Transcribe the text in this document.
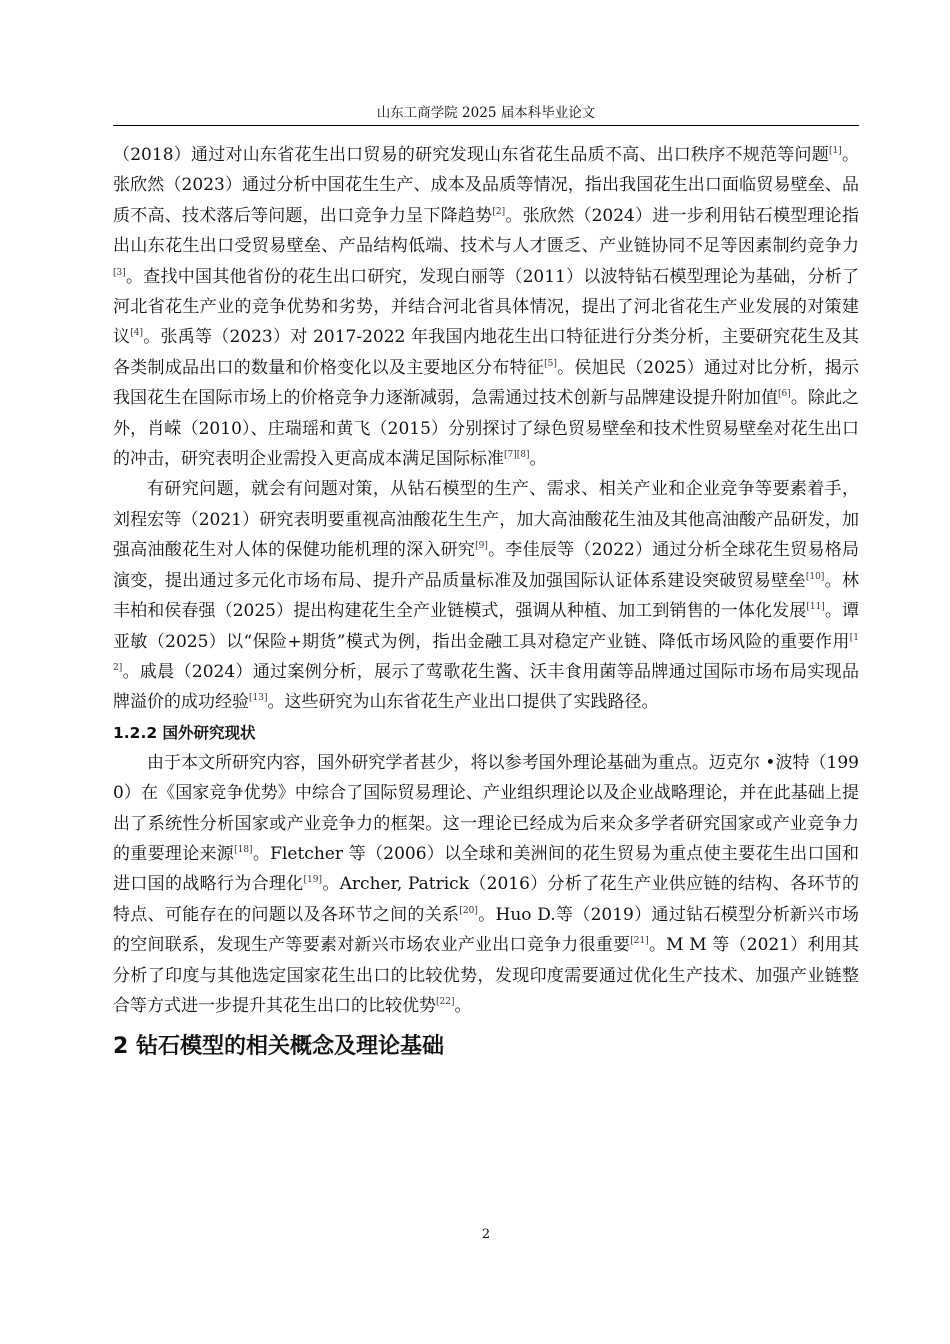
山东工商学院 2025 届本科毕业论文

（2018）通过对山东省花生出口贸易的研究发现山东省花生品质不高、出口秩序不规范等问题[1]。张欣然（2023）通过分析中国花生生产、成本及品质等情况，指出我国花生出口面临贸易壁垒、品质不高、技术落后等问题，出口竞争力呈下降趋势[2]。张欣然（2024）进一步利用钻石模型理论指出山东花生出口受贸易壁垒、产品结构低端、技术与人才匮乏、产业链协同不足等因素制约竞争力[3]。查找中国其他省份的花生出口研究，发现白丽等（2011）以波特钻石模型理论为基础，分析了河北省花生产业的竞争优势和劣势，并结合河北省具体情况，提出了河北省花生产业发展的对策建议[4]。张禹等（2023）对 2017-2022 年我国内地花生出口特征进行分类分析，主要研究花生及其各类制成品出口的数量和价格变化以及主要地区分布特征[5]。侯旭民（2025）通过对比分析，揭示我国花生在国际市场上的价格竞争力逐渐减弱，急需通过技术创新与品牌建设提升附加值[6]。除此之外，肖嵘（2010）、庄瑞瑶和黄飞（2015）分别探讨了绿色贸易壁垒和技术性贸易壁垒对花生出口的冲击，研究表明企业需投入更高成本满足国际标准[7][8]。

有研究问题，就会有问题对策，从钻石模型的生产、需求、相关产业和企业竞争等要素着手，刘程宏等（2021）研究表明要重视高油酸花生生产，加大高油酸花生油及其他高油酸产品研发，加强高油酸花生对人体的保健功能机理的深入研究[9]。李佳辰等（2022）通过分析全球花生贸易格局演变，提出通过多元化市场布局、提升产品质量标准及加强国际认证体系建设突破贸易壁垒[10]。林丰柏和侯春强（2025）提出构建花生全产业链模式，强调从种植、加工到销售的一体化发展[11]。谭亚敏（2025）以“保险+期货”模式为例，指出金融工具对稳定产业链、降低市场风险的重要作用[12]。戚晨（2024）通过案例分析，展示了莺歌花生酱、沃丰食用菌等品牌通过国际市场布局实现品牌溢价的成功经验[13]。这些研究为山东省花生产业出口提供了实践路径。

1.2.2 国外研究现状

由于本文所研究内容，国外研究学者甚少，将以参考国外理论基础为重点。迈克尔 •波特（1990）在《国家竞争优势》中综合了国际贸易理论、产业组织理论以及企业战略理论，并在此基础上提出了系统性分析国家或产业竞争力的框架。这一理论已经成为后来众多学者研究国家或产业竞争力的重要理论来源[18]。Fletcher 等（2006）以全球和美洲间的花生贸易为重点使主要花生出口国和进口国的战略行为合理化[19]。Archer, Patrick（2016）分析了花生产业供应链的结构、各环节的特点、可能存在的问题以及各环节之间的关系[20]。Huo D.等（2019）通过钻石模型分析新兴市场的空间联系，发现生产等要素对新兴市场农业产业出口竞争力很重要[21]。M M 等（2021）利用其分析了印度与其他选定国家花生出口的比较优势，发现印度需要通过优化生产技术、加强产业链整合等方式进一步提升其花生出口的比较优势[22]。

2 钻石模型的相关概念及理论基础
2
